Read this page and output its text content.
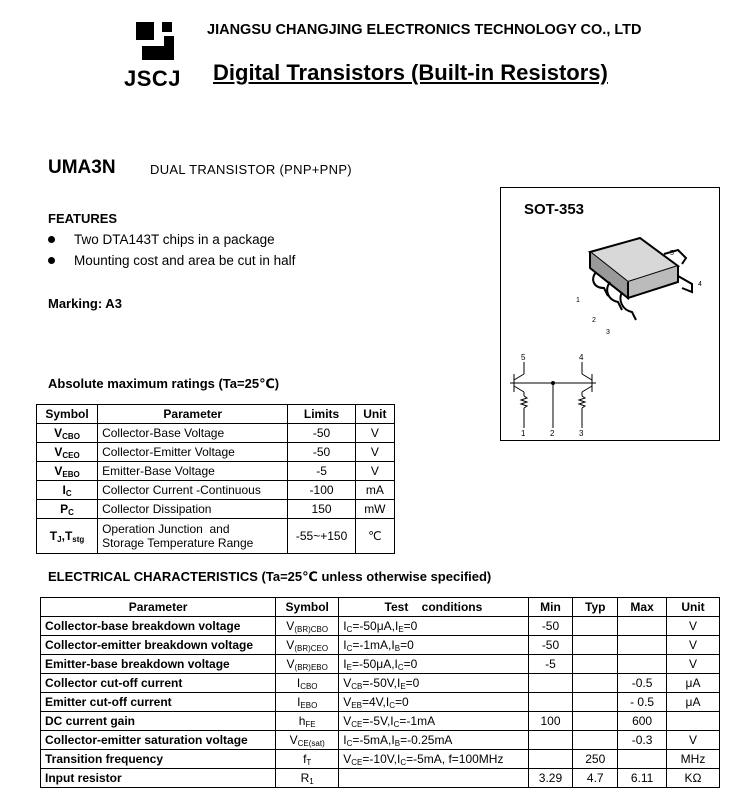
JSCJ
JIANGSU CHANGJING ELECTRONICS TECHNOLOGY CO., LTD
Digital Transistors (Built-in Resistors)
UMA3N	DUAL TRANSISTOR (PNP+PNP)
FEATURES
Two DTA143T chips in a package
Mounting cost and area be cut in half
Marking: A3
SOT-353
5
4
1
2
3
5	4
1	2	3
Absolute maximum ratings (Ta=25℃)
Symbol	Parameter	Limits	Unit
$V_{CBO}$	Collector-Base Voltage	-50	V
$V_{CEO}$	Collector-Emitter Voltage	-50	V
$V_{EBO}$	Emitter-Base Voltage	-5	V
$I_C$	Collector Current -Continuous	-100	mA
$P_C$	Collector Dissipation	150	mW
$T_J,T_{stg}$	Operation Junction  and
Storage Temperature Range	-55~+150	℃
ELECTRICAL CHARACTERISTICS (Ta=25℃ unless otherwise specified)
Parameter	Symbol	Test    conditions	Min	Typ	Max	Unit
Collector-base breakdown voltage	$V_{(BR)CBO}$	$I_C=-50\mu A,I_E=0$	-50			V
Collector-emitter breakdown voltage	$V_{(BR)CEO}$	$I_C=-1mA,I_B=0$	-50			V
Emitter-base breakdown voltage	$V_{(BR)EBO}$	$I_E=-50\mu A,I_C=0$	-5			V
Collector cut-off current	$I_{CBO}$	$V_{CB}=-50V,I_E=0$			-0.5	μA
Emitter cut-off current	$I_{EBO}$	$V_{EB}=4V,I_C=0$			- 0.5	μA
DC current gain	$h_{FE}$	$V_{CE}=-5V,I_C=-1mA$	100		600	
Collector-emitter saturation voltage	$V_{CE(sat)}$	$I_C=-5mA,I_B=-0.25mA$			-0.3	V
Transition frequency	$f_T$	$V_{CE}=-10V,I_C=-5mA$, f=100MHz		250		MHz
Input resistor	$R_1$		3.29	4.7	6.11	KΩ
